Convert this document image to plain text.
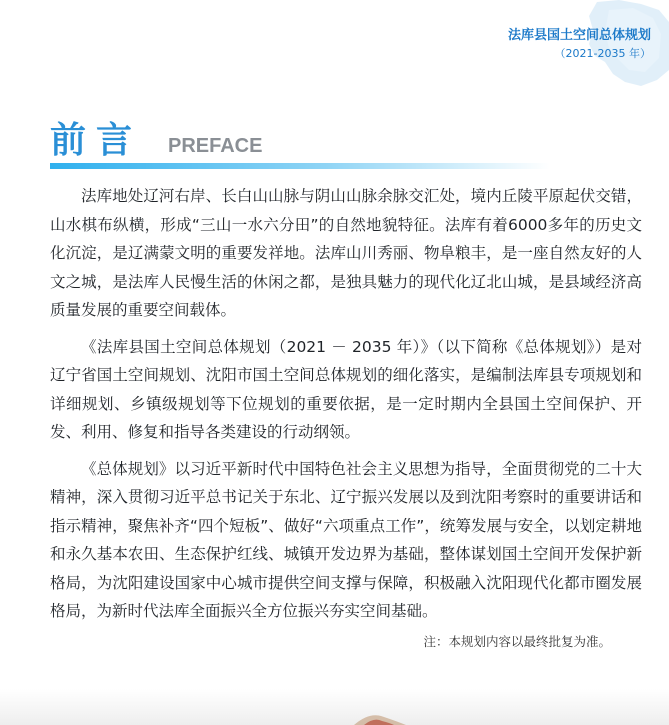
法库县国土空间总体规划
（2021-2035 年）
前言 PREFACE

法库地处辽河右岸、长白山山脉与阴山山脉余脉交汇处，境内丘陵平原起伏交错，山水棋布纵横，形成“三山一水六分田”的自然地貌特征。法库有着6000多年的历史文化沉淀，是辽满蒙文明的重要发祥地。法库山川秀丽、物阜粮丰，是一座自然友好的人文之城，是法库人民慢生活的休闲之都，是独具魅力的现代化辽北山城，是县域经济高质量发展的重要空间载体。

《法库县国土空间总体规划（2021 － 2035 年）》（以下简称《总体规划》）是对辽宁省国土空间规划、沈阳市国土空间总体规划的细化落实，是编制法库县专项规划和详细规划、乡镇级规划等下位规划的重要依据，是一定时期内全县国土空间保护、开发、利用、修复和指导各类建设的行动纲领。

《总体规划》以习近平新时代中国特色社会主义思想为指导，全面贯彻党的二十大精神，深入贯彻习近平总书记关于东北、辽宁振兴发展以及到沈阳考察时的重要讲话和指示精神，聚焦补齐“四个短板”、做好“六项重点工作”，统筹发展与安全，以划定耕地和永久基本农田、生态保护红线、城镇开发边界为基础，整体谋划国土空间开发保护新格局，为沈阳建设国家中心城市提供空间支撑与保障，积极融入沈阳现代化都市圈发展格局，为新时代法库全面振兴全方位振兴夯实空间基础。

注：本规划内容以最终批复为准。
